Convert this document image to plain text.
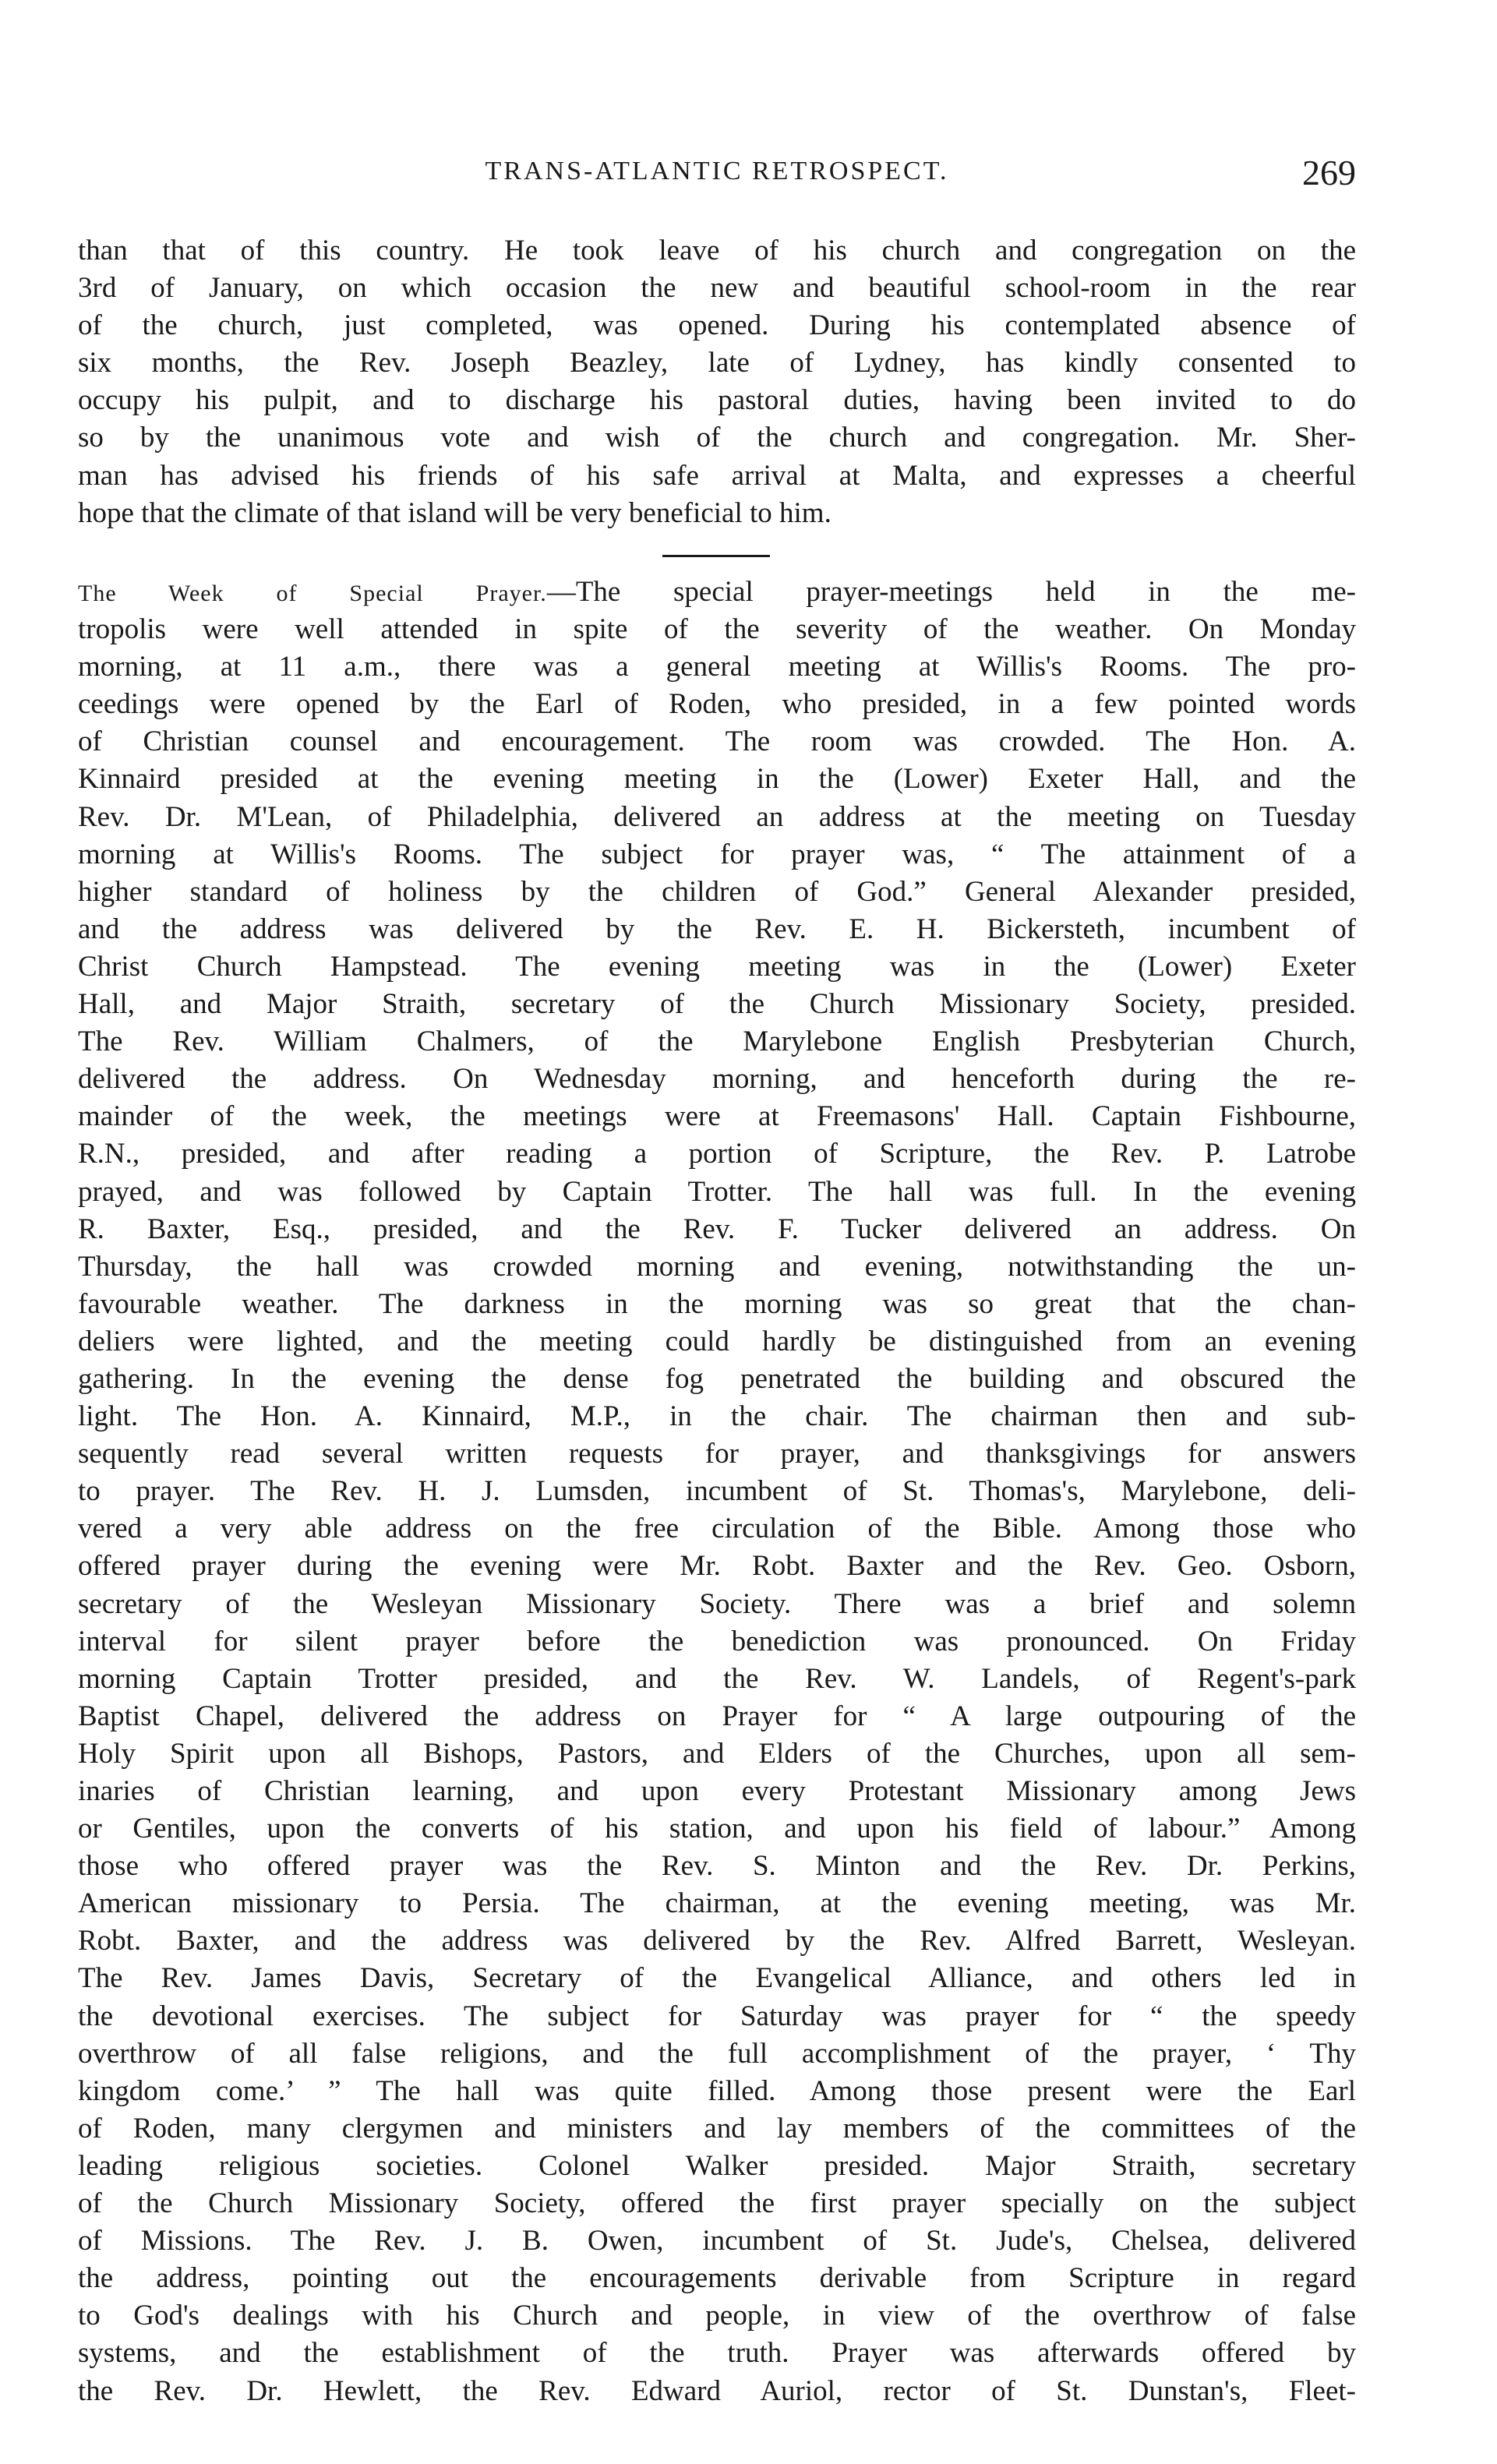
TRANS-ATLANTIC RETROSPECT.	269
than that of this country. He took leave of his church and congregation on the
3rd of January, on which occasion the new and beautiful school-room in the rear
of the church, just completed, was opened. During his contemplated absence of
six months, the Rev. Joseph Beazley, late of Lydney, has kindly consented to
occupy his pulpit, and to discharge his pastoral duties, having been invited to do
so by the unanimous vote and wish of the church and congregation. Mr. Sher-
man has advised his friends of his safe arrival at Malta, and expresses a cheerful
hope that the climate of that island will be very beneficial to him.
The Week of Special Prayer.—The special prayer-meetings held in the me-
tropolis were well attended in spite of the severity of the weather. On Monday
morning, at 11 a.m., there was a general meeting at Willis's Rooms. The pro-
ceedings were opened by the Earl of Roden, who presided, in a few pointed words
of Christian counsel and encouragement. The room was crowded. The Hon. A.
Kinnaird presided at the evening meeting in the (Lower) Exeter Hall, and the
Rev. Dr. M'Lean, of Philadelphia, delivered an address at the meeting on Tuesday
morning at Willis's Rooms. The subject for prayer was, “ The attainment of a
higher standard of holiness by the children of God.” General Alexander presided,
and the address was delivered by the Rev. E. H. Bickersteth, incumbent of
Christ Church Hampstead. The evening meeting was in the (Lower) Exeter
Hall, and Major Straith, secretary of the Church Missionary Society, presided.
The Rev. William Chalmers, of the Marylebone English Presbyterian Church,
delivered the address. On Wednesday morning, and henceforth during the re-
mainder of the week, the meetings were at Freemasons' Hall. Captain Fishbourne,
R.N., presided, and after reading a portion of Scripture, the Rev. P. Latrobe
prayed, and was followed by Captain Trotter. The hall was full. In the evening
R. Baxter, Esq., presided, and the Rev. F. Tucker delivered an address. On
Thursday, the hall was crowded morning and evening, notwithstanding the un-
favourable weather. The darkness in the morning was so great that the chan-
deliers were lighted, and the meeting could hardly be distinguished from an evening
gathering. In the evening the dense fog penetrated the building and obscured the
light. The Hon. A. Kinnaird, M.P., in the chair. The chairman then and sub-
sequently read several written requests for prayer, and thanksgivings for answers
to prayer. The Rev. H. J. Lumsden, incumbent of St. Thomas's, Marylebone, deli-
vered a very able address on the free circulation of the Bible. Among those who
offered prayer during the evening were Mr. Robt. Baxter and the Rev. Geo. Osborn,
secretary of the Wesleyan Missionary Society. There was a brief and solemn
interval for silent prayer before the benediction was pronounced. On Friday
morning Captain Trotter presided, and the Rev. W. Landels, of Regent's-park
Baptist Chapel, delivered the address on Prayer for “ A large outpouring of the
Holy Spirit upon all Bishops, Pastors, and Elders of the Churches, upon all sem-
inaries of Christian learning, and upon every Protestant Missionary among Jews
or Gentiles, upon the converts of his station, and upon his field of labour.” Among
those who offered prayer was the Rev. S. Minton and the Rev. Dr. Perkins,
American missionary to Persia. The chairman, at the evening meeting, was Mr.
Robt. Baxter, and the address was delivered by the Rev. Alfred Barrett, Wesleyan.
The Rev. James Davis, Secretary of the Evangelical Alliance, and others led in
the devotional exercises. The subject for Saturday was prayer for “ the speedy
overthrow of all false religions, and the full accomplishment of the prayer, ‘ Thy
kingdom come.’ ” The hall was quite filled. Among those present were the Earl
of Roden, many clergymen and ministers and lay members of the committees of the
leading religious societies. Colonel Walker presided. Major Straith, secretary
of the Church Missionary Society, offered the first prayer specially on the subject
of Missions. The Rev. J. B. Owen, incumbent of St. Jude's, Chelsea, delivered
the address, pointing out the encouragements derivable from Scripture in regard
to God's dealings with his Church and people, in view of the overthrow of false
systems, and the establishment of the truth. Prayer was afterwards offered by
the Rev. Dr. Hewlett, the Rev. Edward Auriol, rector of St. Dunstan's, Fleet-
